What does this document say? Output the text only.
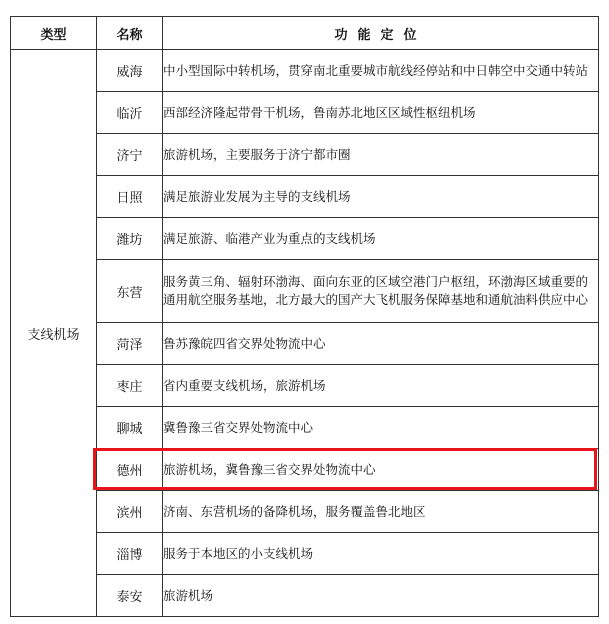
类型	名称	功能定位
支线机场	威海	中小型国际中转机场，贯穿南北重要城市航线经停站和中日韩空中交通中转站
	临沂	西部经济隆起带骨干机场，鲁南苏北地区区域性枢纽机场
	济宁	旅游机场，主要服务于济宁都市圈
	日照	满足旅游业发展为主导的支线机场
	潍坊	满足旅游、临港产业为重点的支线机场
	东营	服务黄三角、辐射环渤海、面向东亚的区域空港门户枢纽，环渤海区域重要的通用航空服务基地，北方最大的国产大飞机服务保障基地和通航油料供应中心
	菏泽	鲁苏豫皖四省交界处物流中心
	枣庄	省内重要支线机场，旅游机场
	聊城	冀鲁豫三省交界处物流中心
	德州	旅游机场，冀鲁豫三省交界处物流中心
	滨州	济南、东营机场的备降机场，服务覆盖鲁北地区
	淄博	服务于本地区的小支线机场
	泰安	旅游机场
